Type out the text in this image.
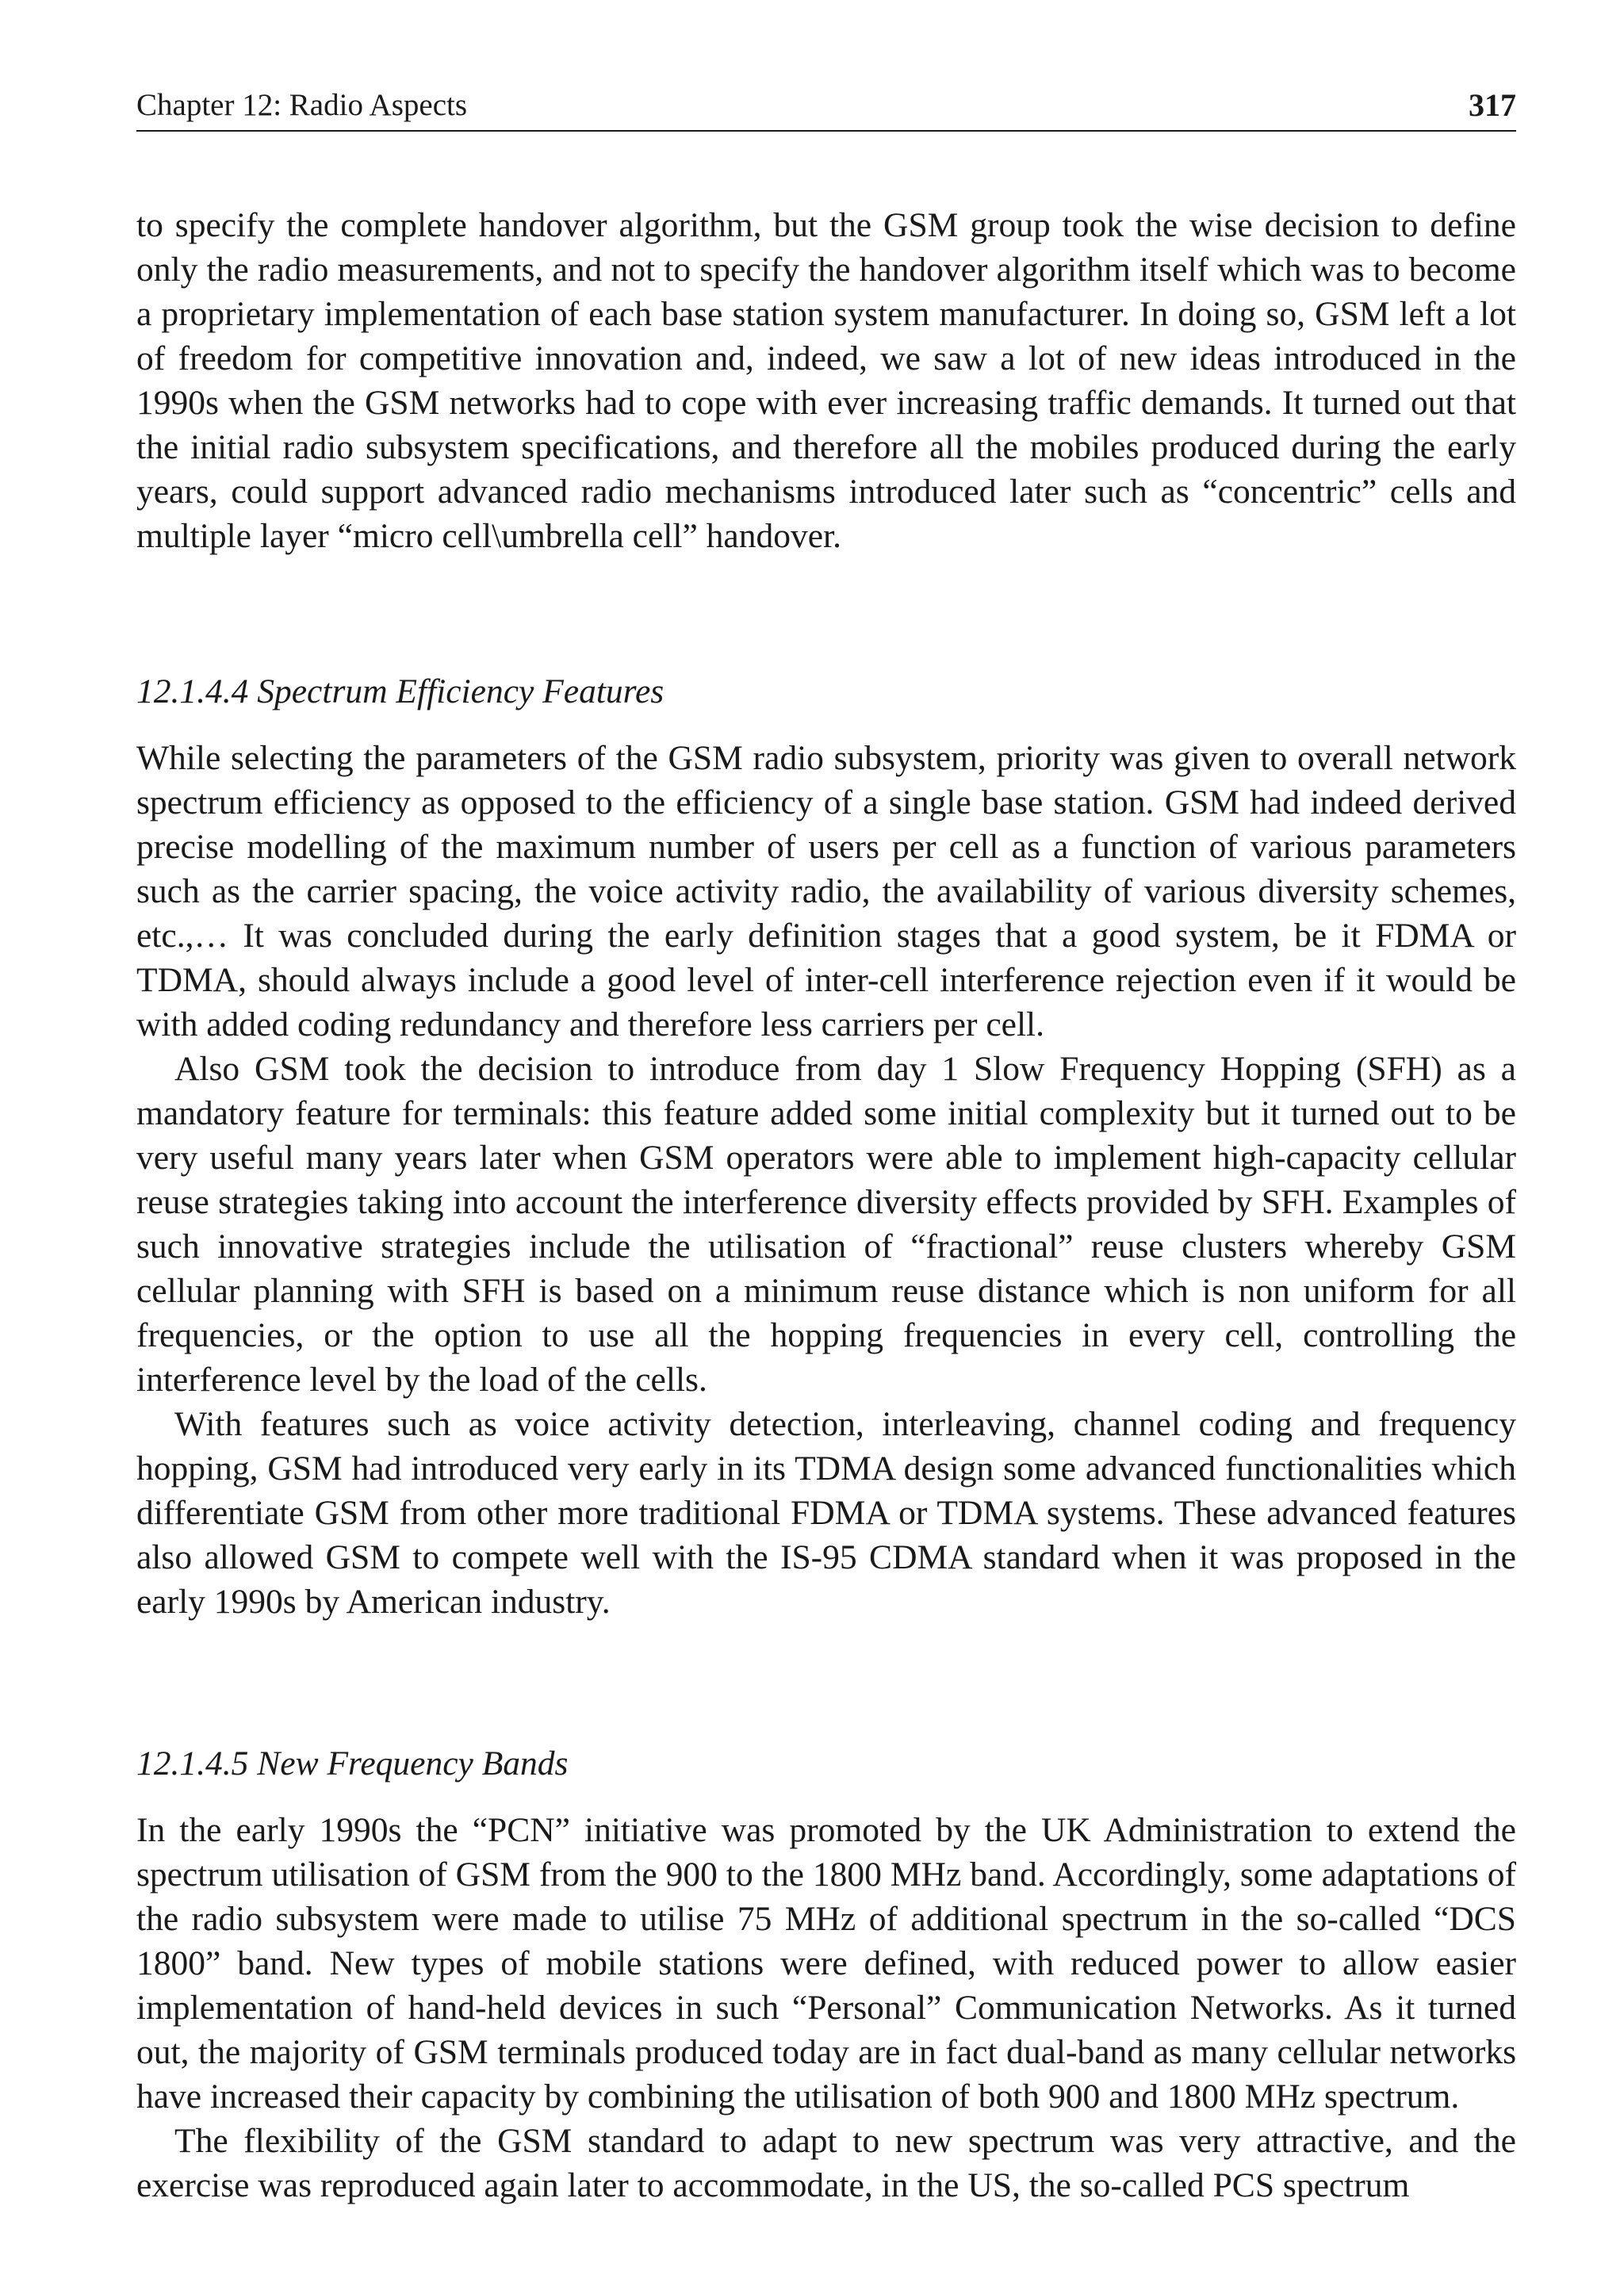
Chapter 12: Radio Aspects	317

to specify the complete handover algorithm, but the GSM group took the wise decision to define only the radio measurements, and not to specify the handover algorithm itself which was to become a proprietary implementation of each base station system manufacturer. In doing so, GSM left a lot of freedom for competitive innovation and, indeed, we saw a lot of new ideas introduced in the 1990s when the GSM networks had to cope with ever increasing traffic demands. It turned out that the initial radio subsystem specifications, and therefore all the mobiles produced during the early years, could support advanced radio mechanisms introduced later such as “concentric” cells and multiple layer “micro cell\umbrella cell” handover.

12.1.4.4 Spectrum Efficiency Features

While selecting the parameters of the GSM radio subsystem, priority was given to overall network spectrum efficiency as opposed to the efficiency of a single base station. GSM had indeed derived precise modelling of the maximum number of users per cell as a function of various parameters such as the carrier spacing, the voice activity radio, the availability of various diversity schemes, etc.,… It was concluded during the early definition stages that a good system, be it FDMA or TDMA, should always include a good level of inter-cell interference rejection even if it would be with added coding redundancy and therefore less carriers per cell.

Also GSM took the decision to introduce from day 1 Slow Frequency Hopping (SFH) as a mandatory feature for terminals: this feature added some initial complexity but it turned out to be very useful many years later when GSM operators were able to implement high-capacity cellular reuse strategies taking into account the interference diversity effects provided by SFH. Examples of such innovative strategies include the utilisation of “fractional” reuse clusters whereby GSM cellular planning with SFH is based on a minimum reuse distance which is non uniform for all frequencies, or the option to use all the hopping frequencies in every cell, controlling the interference level by the load of the cells.

With features such as voice activity detection, interleaving, channel coding and frequency hopping, GSM had introduced very early in its TDMA design some advanced functionalities which differentiate GSM from other more traditional FDMA or TDMA systems. These advanced features also allowed GSM to compete well with the IS-95 CDMA standard when it was proposed in the early 1990s by American industry.

12.1.4.5 New Frequency Bands

In the early 1990s the “PCN” initiative was promoted by the UK Administration to extend the spectrum utilisation of GSM from the 900 to the 1800 MHz band. Accordingly, some adaptations of the radio subsystem were made to utilise 75 MHz of additional spectrum in the so-called “DCS 1800” band. New types of mobile stations were defined, with reduced power to allow easier implementation of hand-held devices in such “Personal” Communication Networks. As it turned out, the majority of GSM terminals produced today are in fact dual-band as many cellular networks have increased their capacity by combining the utilisation of both 900 and 1800 MHz spectrum.

The flexibility of the GSM standard to adapt to new spectrum was very attractive, and the exercise was reproduced again later to accommodate, in the US, the so-called PCS spectrum
